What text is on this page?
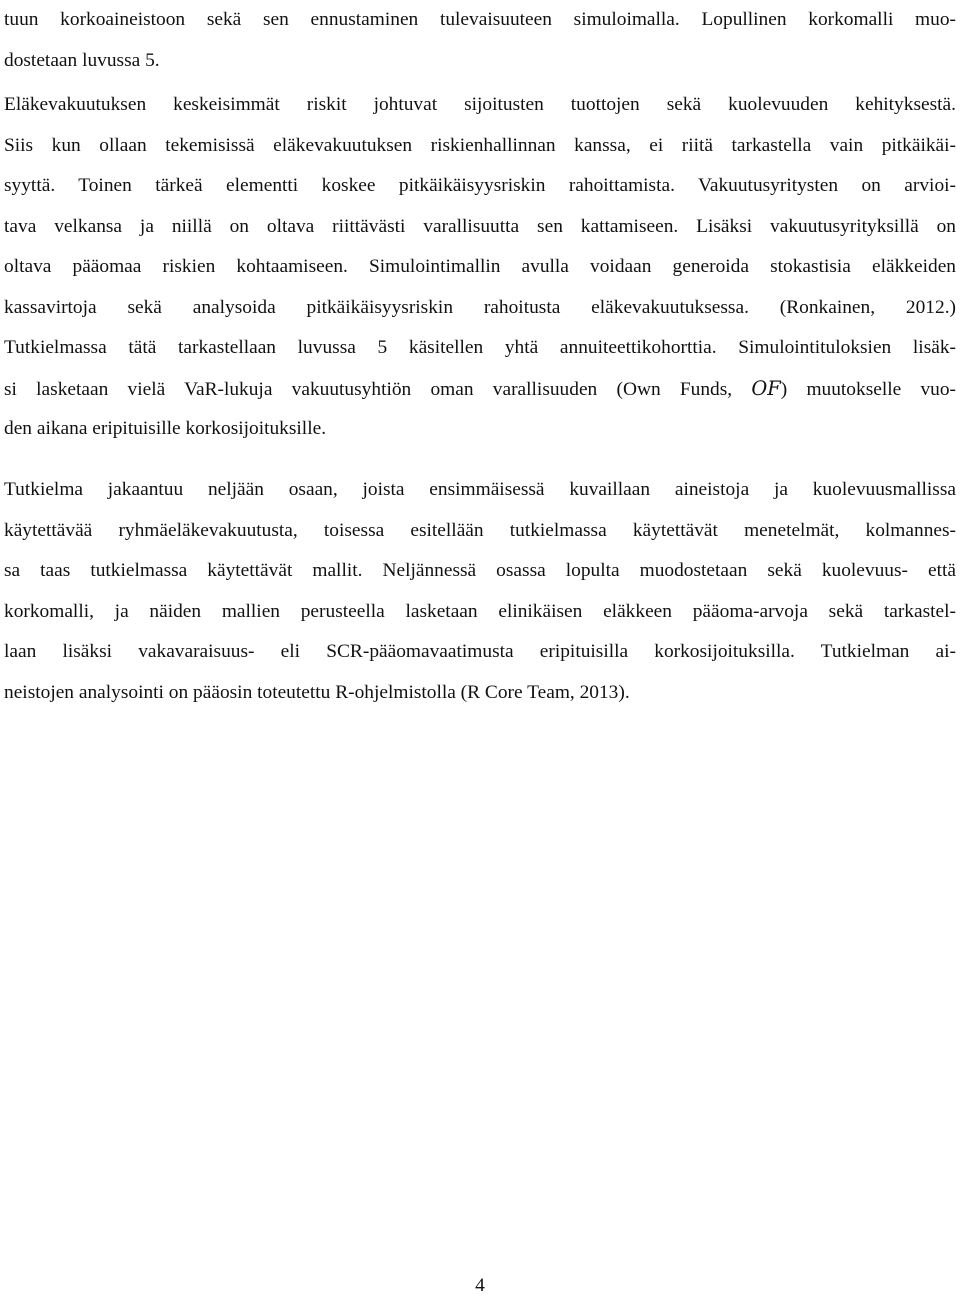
tuun korkoaineistoon sekä sen ennustaminen tulevaisuuteen simuloimalla. Lopullinen korkomalli muo-
dostetaan luvussa 5.
Eläkevakuutuksen keskeisimmät riskit johtuvat sijoitusten tuottojen sekä kuolevuuden kehityksestä.
Siis kun ollaan tekemisissä eläkevakuutuksen riskienhallinnan kanssa, ei riitä tarkastella vain pitkäikäi-
syyttä. Toinen tärkeä elementti koskee pitkäikäisyysriskin rahoittamista. Vakuutusyritysten on arvioi-
tava velkansa ja niillä on oltava riittävästi varallisuutta sen kattamiseen. Lisäksi vakuutusyrityksillä on
oltava pääomaa riskien kohtaamiseen. Simulointimallin avulla voidaan generoida stokastisia eläkkeiden
kassavirtoja sekä analysoida pitkäikäisyysriskin rahoitusta eläkevakuutuksessa. (Ronkainen, 2012.)
Tutkielmassa tätä tarkastellaan luvussa 5 käsitellen yhtä annuiteettikohorttia. Simulointituloksien lisäk-
si lasketaan vielä VaR-lukuja vakuutusyhtiön oman varallisuuden (Own Funds, OF) muutokselle vuo-
den aikana eripituisille korkosijoituksille.
Tutkielma jakaantuu neljään osaan, joista ensimmäisessä kuvaillaan aineistoja ja kuolevuusmallissa
käytettävää ryhmäeläkevakuutusta, toisessa esitellään tutkielmassa käytettävät menetelmät, kolmannes-
sa taas tutkielmassa käytettävät mallit. Neljännessä osassa lopulta muodostetaan sekä kuolevuus- että
korkomalli, ja näiden mallien perusteella lasketaan elinikäisen eläkkeen pääoma-arvoja sekä tarkastel-
laan lisäksi vakavaraisuus- eli SCR-pääomavaatimusta eripituisilla korkosijoituksilla. Tutkielman ai-
neistojen analysointi on pääosin toteutettu R-ohjelmistolla (R Core Team, 2013).
4
